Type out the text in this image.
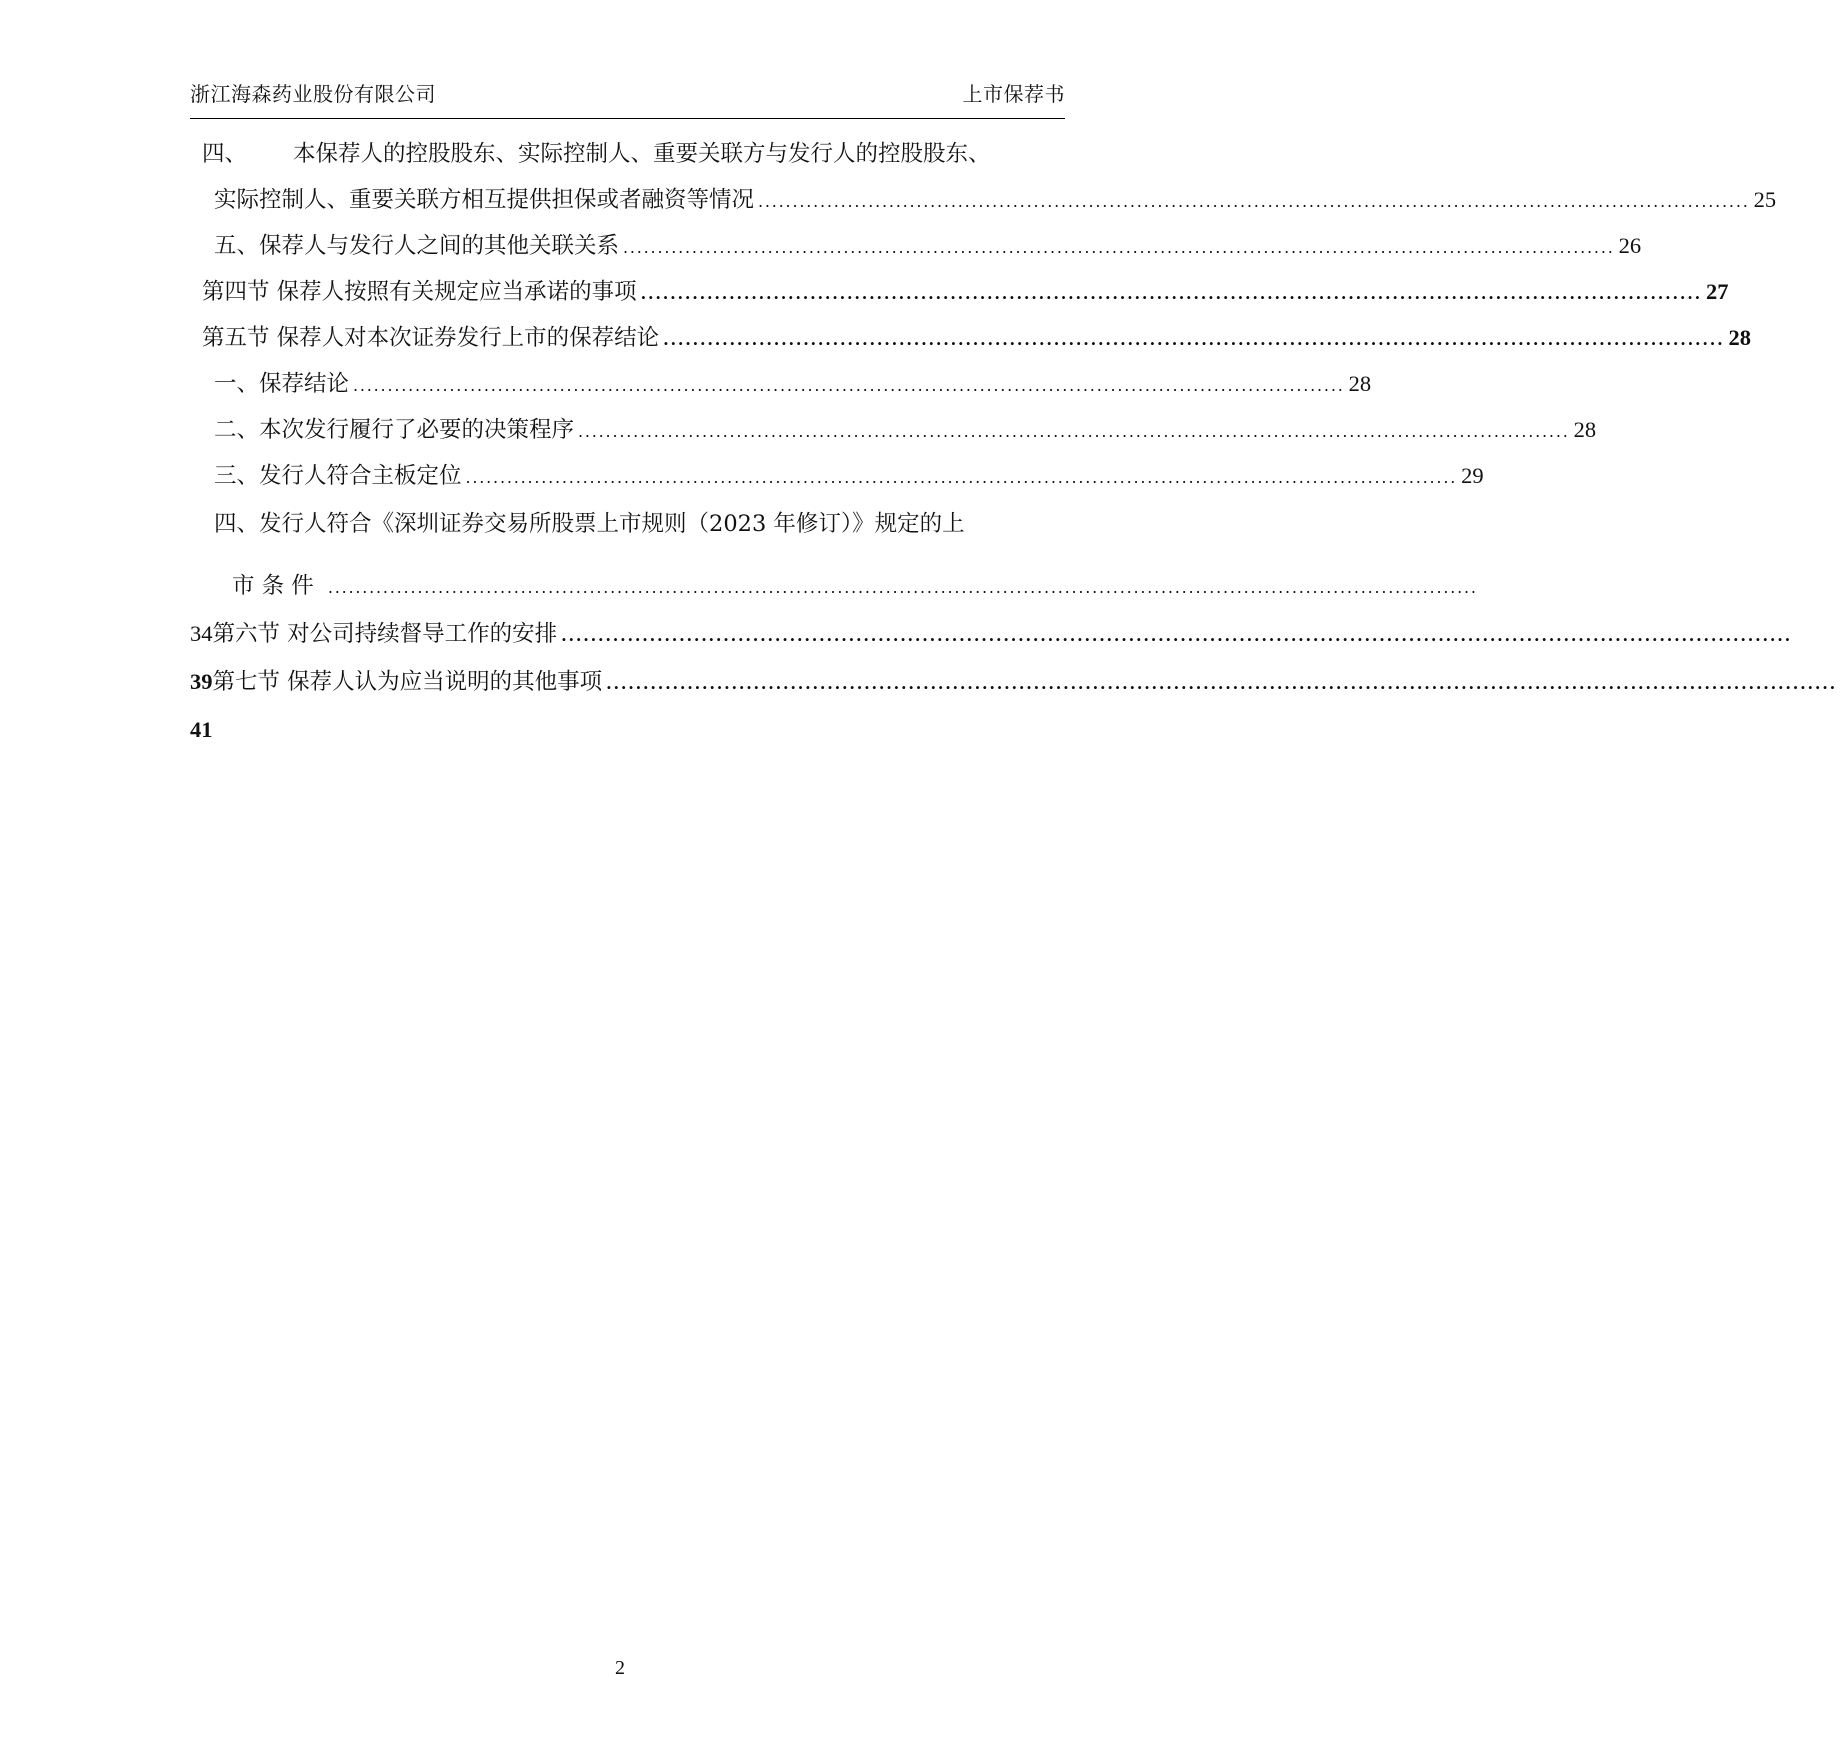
浙江海森药业股份有限公司	上市保荐书
四、 本保荐人的控股股东、实际控制人、重要关联方与发行人的控股股东、
实际控制人、重要关联方相互提供担保或者融资等情况 ................................................................................................................................................ 25
五、保荐人与发行人之间的其他关联关系 ................................................................................................................................................ 26
第四节 保荐人按照有关规定应当承诺的事项 ................................................................................................................................................ 27
第五节 保荐人对本次证券发行上市的保荐结论 ................................................................................................................................................ 28
一、保荐结论 ................................................................................................................................................ 28
二、本次发行履行了必要的决策程序 ................................................................................................................................................ 28
三、发行人符合主板定位 ................................................................................................................................................ 29
四、发行人符合《深圳证券交易所股票上市规则（2023 年修订）》规定的上
市 条 件 .......................................................................................................................................................................
34 第六节 对公司持续督导工作的安排 .......................................................................................................................................................................
39 第七节 保荐人认为应当说明的其他事项 .......................................................................................................................................................................
41
2
